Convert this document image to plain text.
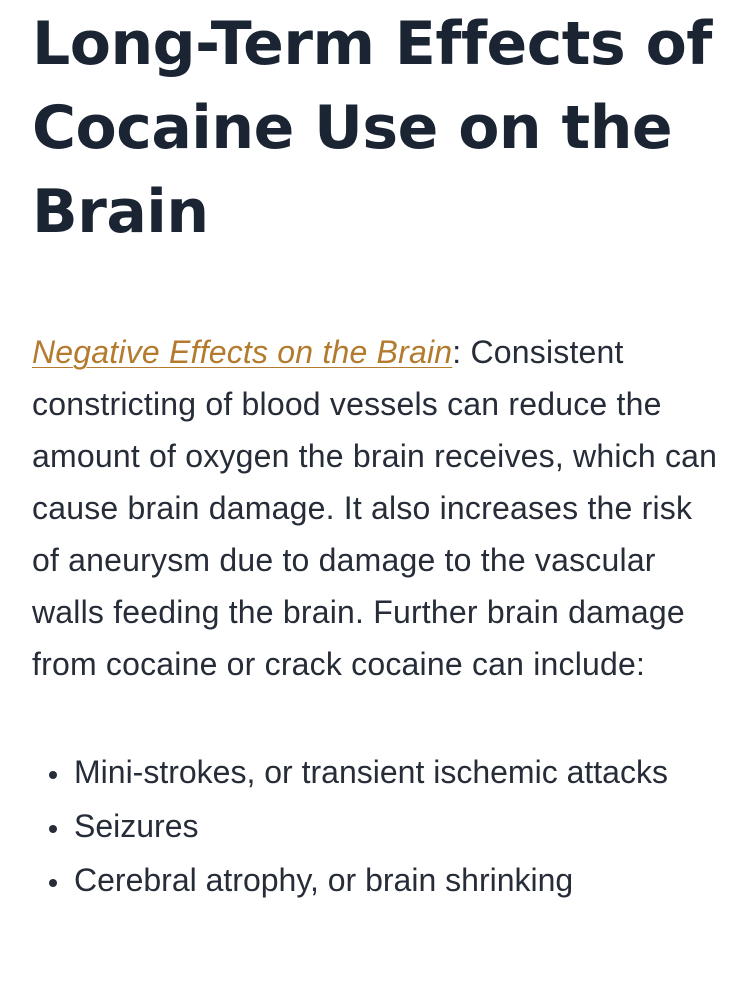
Long-Term Effects of Cocaine Use on the Brain

Negative Effects on the Brain: Consistent constricting of blood vessels can reduce the amount of oxygen the brain receives, which can cause brain damage. It also increases the risk of aneurysm due to damage to the vascular walls feeding the brain. Further brain damage from cocaine or crack cocaine can include:

• Mini-strokes, or transient ischemic attacks
• Seizures
• Cerebral atrophy, or brain shrinking
